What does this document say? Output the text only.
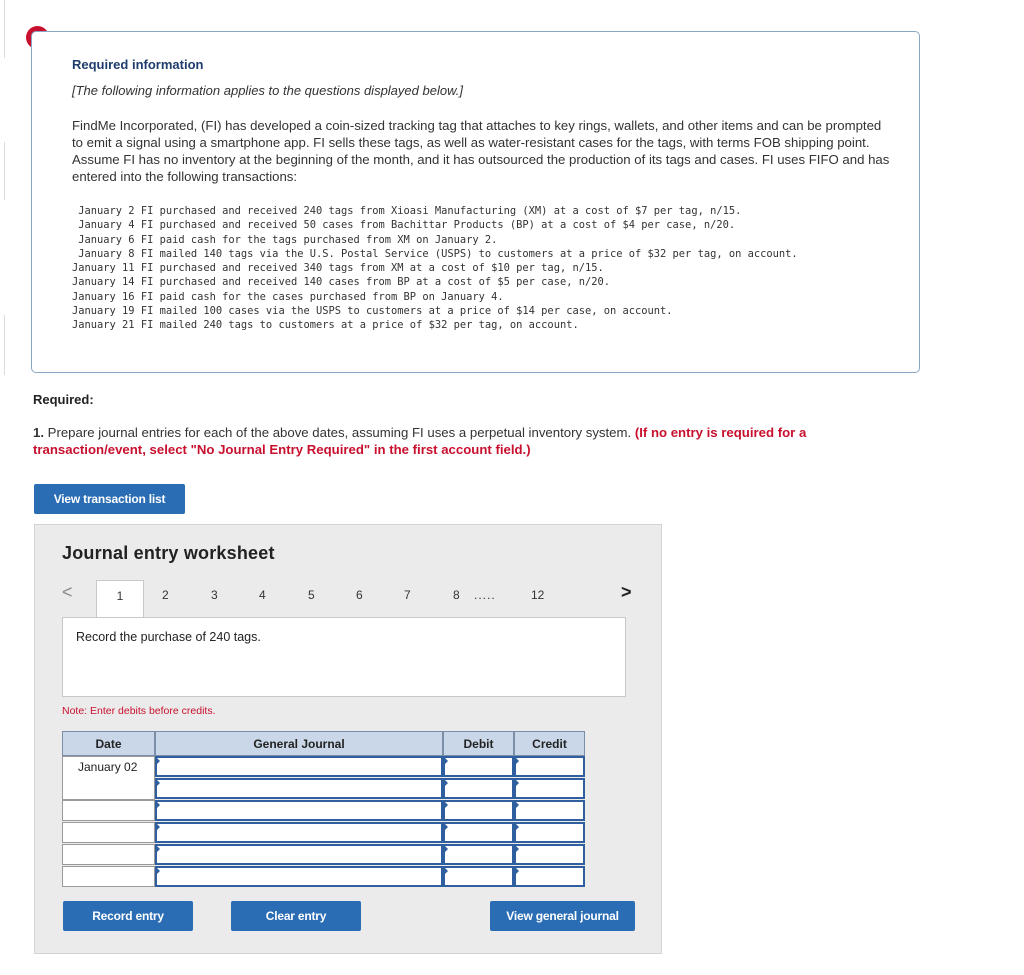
Required information
[The following information applies to the questions displayed below.]
FindMe Incorporated, (FI) has developed a coin-sized tracking tag that attaches to key rings, wallets, and other items and can be prompted to emit a signal using a smartphone app. FI sells these tags, as well as water-resistant cases for the tags, with terms FOB shipping point. Assume FI has no inventory at the beginning of the month, and it has outsourced the production of its tags and cases. FI uses FIFO and has entered into the following transactions:
January 2 FI purchased and received 240 tags from Xioasi Manufacturing (XM) at a cost of $7 per tag, n/15.
January 4 FI purchased and received 50 cases from Bachittar Products (BP) at a cost of $4 per case, n/20.
January 6 FI paid cash for the tags purchased from XM on January 2.
January 8 FI mailed 140 tags via the U.S. Postal Service (USPS) to customers at a price of $32 per tag, on account.
January 11 FI purchased and received 340 tags from XM at a cost of $10 per tag, n/15.
January 14 FI purchased and received 140 cases from BP at a cost of $5 per case, n/20.
January 16 FI paid cash for the cases purchased from BP on January 4.
January 19 FI mailed 100 cases via the USPS to customers at a price of $14 per case, on account.
January 21 FI mailed 240 tags to customers at a price of $32 per tag, on account.
Required:
1. Prepare journal entries for each of the above dates, assuming FI uses a perpetual inventory system. (If no entry is required for a transaction/event, select "No Journal Entry Required" in the first account field.)
View transaction list
Journal entry worksheet
<	1	2	3	4	5	6	7	8 .....	12	>
Record the purchase of 240 tags.
Note: Enter debits before credits.
Date	General Journal	Debit	Credit
January 02
Record entry	Clear entry	View general journal
